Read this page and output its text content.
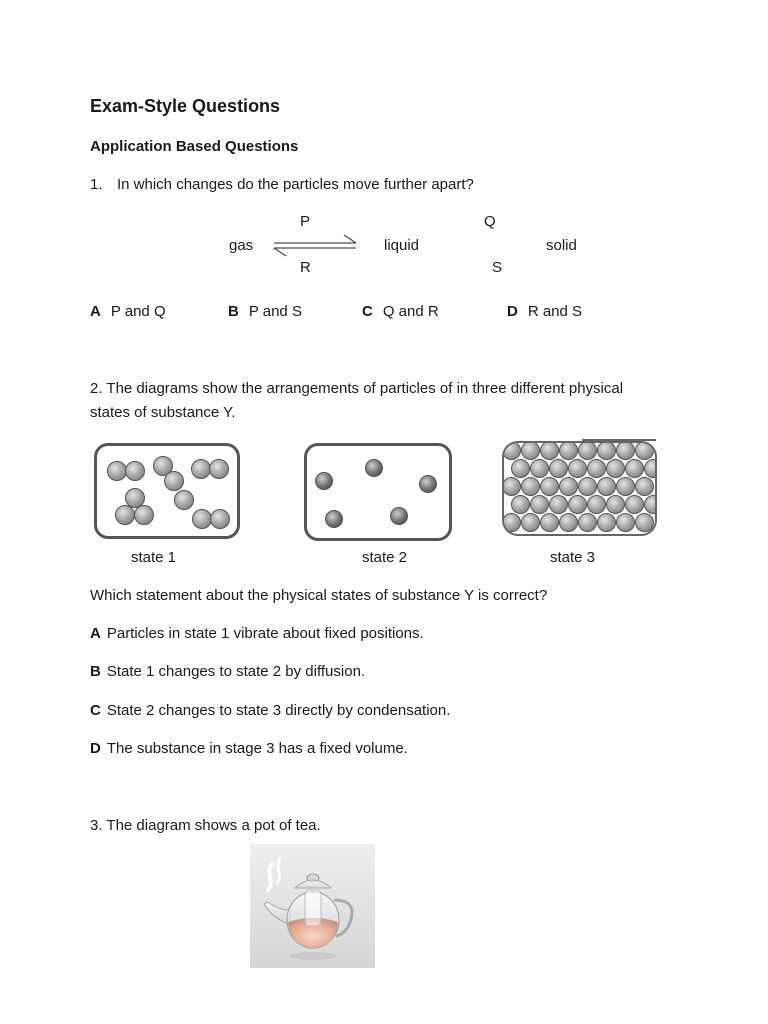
Exam-Style Questions
Application Based Questions
1. In which changes do the particles move further apart?
gas	liquid	solid
P
R
Q
S
A P and Q	B P and S	C Q and R	D R and S
2. The diagrams show the arrangements of particles of in three different physical
states of substance Y.
state 1	state 2	state 3
Which statement about the physical states of substance Y is correct?
A Particles in state 1 vibrate about fixed positions.
B State 1 changes to state 2 by diffusion.
C State 2 changes to state 3 directly by condensation.
D The substance in stage 3 has a fixed volume.
3. The diagram shows a pot of tea.
